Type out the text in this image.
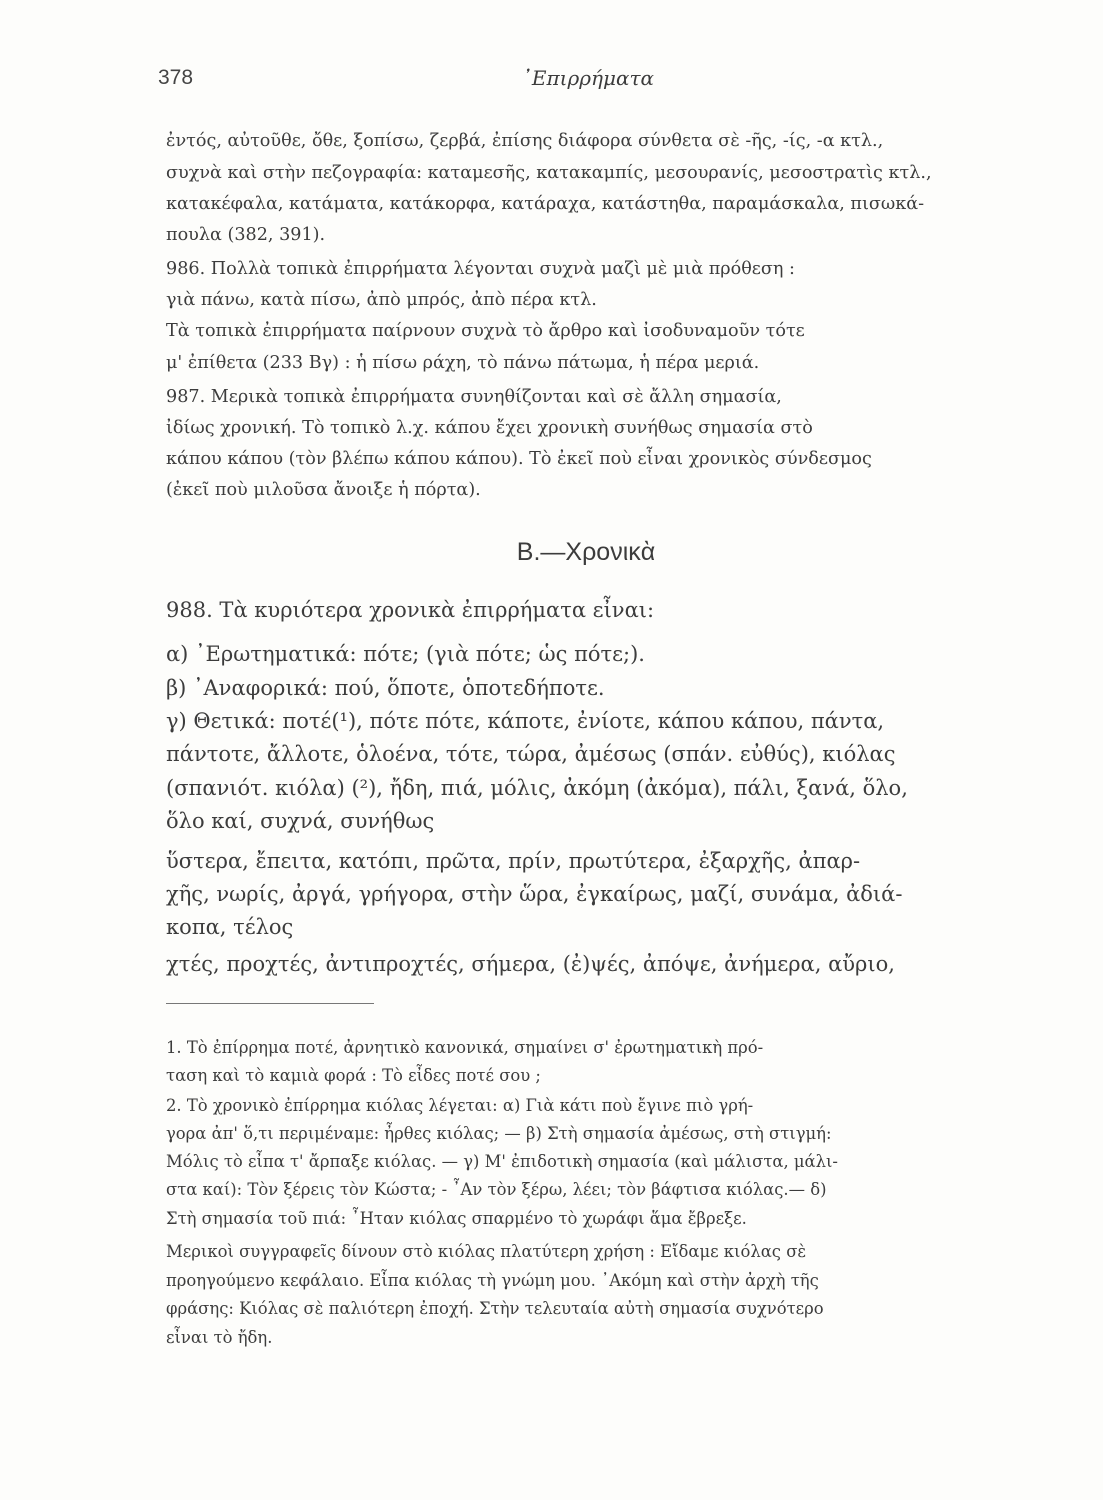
378	᾽Επιρρήματα
ἐντός, αὐτοῦθε, ὄθε, ξοπίσω, ζερβά, ἐπίσης διάφορα σύνθετα σὲ -ῆς, -ίς, -α κτλ.,
συχνὰ καὶ στὴν πεζογραφία: καταμεσῆς, κατακαμπίς, μεσουρανίς, μεσοστρατὶς κτλ.,
κατακέφαλα, κατάματα, κατάκορφα, κατάραχα, κατάστηθα, παραμάσκαλα, πισωκά-
πουλα (382, 391).
986. Πολλὰ τοπικὰ ἐπιρρήματα λέγονται συχνὰ μαζὶ μὲ μιὰ πρόθεση :
γιὰ πάνω, κατὰ πίσω, ἀπὸ μπρός, ἀπὸ πέρα κτλ.
Τὰ τοπικὰ ἐπιρρήματα παίρνουν συχνὰ τὸ ἄρθρο καὶ ἰσοδυναμοῦν τότε
μ' ἐπίθετα (233 Βγ) : ἡ πίσω ράχη, τὸ πάνω πάτωμα, ἡ πέρα μεριά.
987. Μερικὰ τοπικὰ ἐπιρρήματα συνηθίζονται καὶ σὲ ἄλλη σημασία,
ἰδίως χρονική. Τὸ τοπικὸ λ.χ. κάπου ἔχει χρονικὴ συνήθως σημασία στὸ
κάπου κάπου (τὸν βλέπω κάπου κάπου). Τὸ ἐκεῖ ποὺ εἶναι χρονικὸς σύνδεσμος
(ἐκεῖ ποὺ μιλοῦσα ἄνοιξε ἡ πόρτα).
B.—Χρονικὰ
988. Τὰ κυριότερα χρονικὰ ἐπιρρήματα εἶναι:
α) ᾽Ερωτηματικά: πότε; (γιὰ πότε; ὡς πότε;).
β) ᾽Αναφορικά: πού, ὅποτε, ὁποτεδήποτε.
γ) Θετικά: ποτέ(¹), πότε πότε, κάποτε, ἐνίοτε, κάπου κάπου, πάντα,
πάντοτε, ἄλλοτε, ὁλοένα, τότε, τώρα, ἀμέσως (σπάν. εὐθύς), κιόλας
(σπανιότ. κιόλα) (²), ἤδη, πιά, μόλις, ἀκόμη (ἀκόμα), πάλι, ξανά, ὅλο,
ὅλο καί, συχνά, συνήθως
ὕστερα, ἔπειτα, κατόπι, πρῶτα, πρίν, πρωτύτερα, ἐξαρχῆς, ἀπαρ-
χῆς, νωρίς, ἀργά, γρήγορα, στὴν ὥρα, ἐγκαίρως, μαζί, συνάμα, ἀδιά-
κοπα, τέλος
χτές, προχτές, ἀντιπροχτές, σήμερα, (ἐ)ψές, ἀπόψε, ἀνήμερα, αὔριο,
1. Τὸ ἐπίρρημα ποτέ, ἀρνητικὸ κανονικά, σημαίνει σ' ἐρωτηματικὴ πρό-
ταση καὶ τὸ καμιὰ φορά : Τὸ εἶδες ποτέ σου ;
2. Τὸ χρονικὸ ἐπίρρημα κιόλας λέγεται: α) Γιὰ κάτι ποὺ ἔγινε πιὸ γρή-
γορα ἀπ' ὅ,τι περιμέναμε: ἦρθες κιόλας; — β) Στὴ σημασία ἀμέσως, στὴ στιγμή:
Μόλις τὸ εἶπα τ' ἄρπαξε κιόλας. — γ) Μ' ἐπιδοτικὴ σημασία (καὶ μάλιστα, μάλι-
στα καί): Τὸν ξέρεις τὸν Κώστα; - ῏Αν τὸν ξέρω, λέει; τὸν βάφτισα κιόλας.— δ)
Στὴ σημασία τοῦ πιά: ῏Ηταν κιόλας σπαρμένο τὸ χωράφι ἅμα ἔβρεξε.
Μερικοὶ συγγραφεῖς δίνουν στὸ κιόλας πλατύτερη χρήση : Εἴδαμε κιόλας σὲ
προηγούμενο κεφάλαιο. Εἶπα κιόλας τὴ γνώμη μου. ᾽Ακόμη καὶ στὴν ἀρχὴ τῆς
φράσης: Κιόλας σὲ παλιότερη ἐποχή. Στὴν τελευταία αὐτὴ σημασία συχνότερο
εἶναι τὸ ἤδη.
